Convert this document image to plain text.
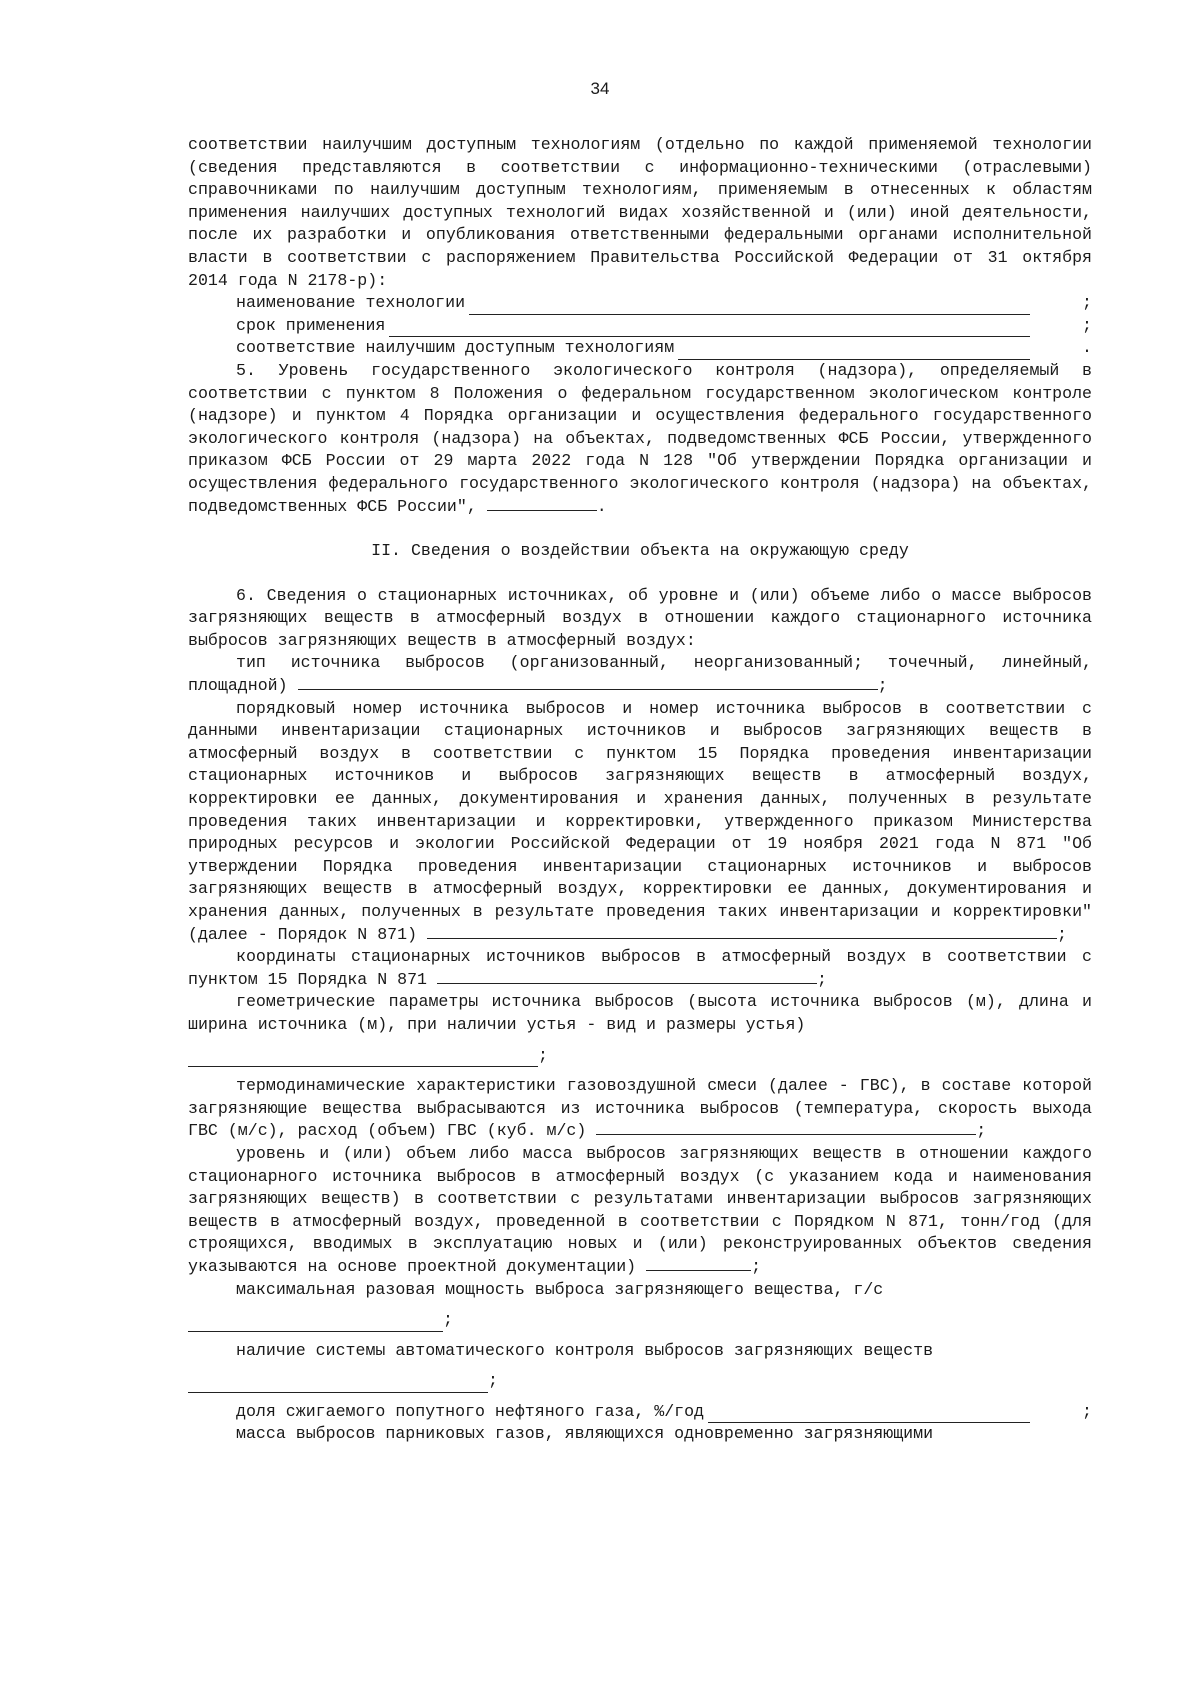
34

соответствии наилучшим доступным технологиям (отдельно по каждой применяемой технологии (сведения представляются в соответствии с информационно-техническими (отраслевыми) справочниками по наилучшим доступным технологиям, применяемым в отнесенных к областям применения наилучших доступных технологий видах хозяйственной и (или) иной деятельности, после их разработки и опубликования ответственными федеральными органами исполнительной власти в соответствии с распоряжением Правительства Российской Федерации от 31 октября 2014 года N 2178-р):

наименование технологии	;
срок применения	;
соответствие наилучшим доступным технологиям	.

5. Уровень государственного экологического контроля (надзора), определяемый в соответствии с пунктом 8 Положения о федеральном государственном экологическом контроле (надзоре) и пунктом 4 Порядка организации и осуществления федерального государственного экологического контроля (надзора) на объектах, подведомственных ФСБ России, утвержденного приказом ФСБ России от 29 марта 2022 года N 128 "Об утверждении Порядка организации и осуществления федерального государственного экологического контроля (надзора) на объектах, подведомственных ФСБ России",	.

II. Сведения о воздействии объекта на окружающую среду

6. Сведения о стационарных источниках, об уровне и (или) объеме либо о массе выбросов загрязняющих веществ в атмосферный воздух в отношении каждого стационарного источника выбросов загрязняющих веществ в атмосферный воздух:

тип источника выбросов (организованный, неорганизованный; точечный, линейный, площадной)	;

порядковый номер источника выбросов и номер источника выбросов в соответствии с данными инвентаризации стационарных источников и выбросов загрязняющих веществ в атмосферный воздух в соответствии с пунктом 15 Порядка проведения инвентаризации стационарных источников и выбросов загрязняющих веществ в атмосферный воздух, корректировки ее данных, документирования и хранения данных, полученных в результате проведения таких инвентаризации и корректировки, утвержденного приказом Министерства природных ресурсов и экологии Российской Федерации от 19 ноября 2021 года N 871 "Об утверждении Порядка проведения инвентаризации стационарных источников и выбросов загрязняющих веществ в атмосферный воздух, корректировки ее данных, документирования и хранения данных, полученных в результате проведения таких инвентаризации и корректировки" (далее - Порядок N 871)	;

координаты стационарных источников выбросов в атмосферный воздух в соответствии с пунктом 15 Порядка N 871	;

геометрические параметры источника выбросов (высота источника выбросов (м), длина и ширина источника (м), при наличии устья - вид и размеры устья)

;

термодинамические характеристики газовоздушной смеси (далее - ГВС), в составе которой загрязняющие вещества выбрасываются из источника выбросов (температура, скорость выхода ГВС (м/с), расход (объем) ГВС (куб. м/с)	;

уровень и (или) объем либо масса выбросов загрязняющих веществ в отношении каждого стационарного источника выбросов в атмосферный воздух (с указанием кода и наименования загрязняющих веществ) в соответствии с результатами инвентаризации выбросов загрязняющих веществ в атмосферный воздух, проведенной в соответствии с Порядком N 871, тонн/год (для строящихся, вводимых в эксплуатацию новых и (или) реконструированных объектов сведения указываются на основе проектной документации)	;

максимальная разовая мощность выброса загрязняющего вещества, г/с

;

наличие системы автоматического контроля выбросов загрязняющих веществ

;
доля сжигаемого попутного нефтяного газа, %/год	;

масса выбросов парниковых газов, являющихся одновременно загрязняющими
